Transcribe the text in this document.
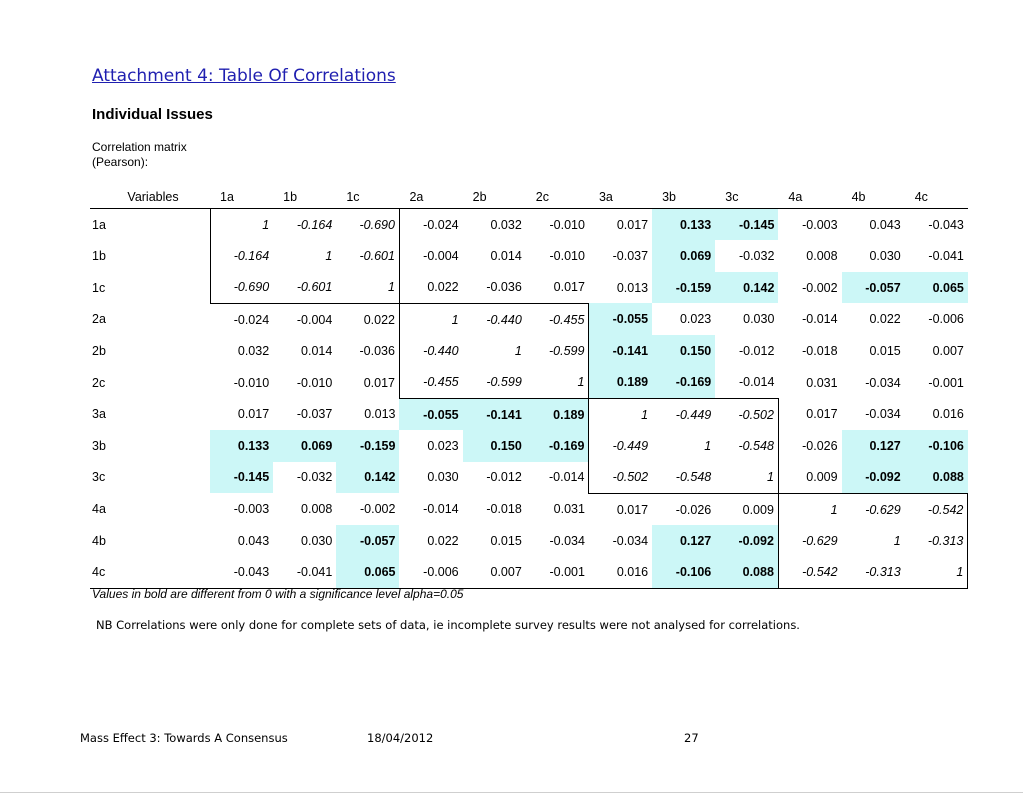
Attachment 4: Table Of Correlations
Individual Issues
Correlation matrix
(Pearson):
Variables	1a	1b	1c	2a	2b	2c	3a	3b	3c	4a	4b	4c
1a	1	-0.164	-0.690	-0.024	0.032	-0.010	0.017	0.133	-0.145	-0.003	0.043	-0.043
1b	-0.164	1	-0.601	-0.004	0.014	-0.010	-0.037	0.069	-0.032	0.008	0.030	-0.041
1c	-0.690	-0.601	1	0.022	-0.036	0.017	0.013	-0.159	0.142	-0.002	-0.057	0.065
2a	-0.024	-0.004	0.022	1	-0.440	-0.455	-0.055	0.023	0.030	-0.014	0.022	-0.006
2b	0.032	0.014	-0.036	-0.440	1	-0.599	-0.141	0.150	-0.012	-0.018	0.015	0.007
2c	-0.010	-0.010	0.017	-0.455	-0.599	1	0.189	-0.169	-0.014	0.031	-0.034	-0.001
3a	0.017	-0.037	0.013	-0.055	-0.141	0.189	1	-0.449	-0.502	0.017	-0.034	0.016
3b	0.133	0.069	-0.159	0.023	0.150	-0.169	-0.449	1	-0.548	-0.026	0.127	-0.106
3c	-0.145	-0.032	0.142	0.030	-0.012	-0.014	-0.502	-0.548	1	0.009	-0.092	0.088
4a	-0.003	0.008	-0.002	-0.014	-0.018	0.031	0.017	-0.026	0.009	1	-0.629	-0.542
4b	0.043	0.030	-0.057	0.022	0.015	-0.034	-0.034	0.127	-0.092	-0.629	1	-0.313
4c	-0.043	-0.041	0.065	-0.006	0.007	-0.001	0.016	-0.106	0.088	-0.542	-0.313	1
Values in bold are different from 0 with a significance level alpha=0.05
NB Correlations were only done for complete sets of data, ie incomplete survey results were not analysed for correlations.
Mass Effect 3: Towards A Consensus	18/04/2012	27
